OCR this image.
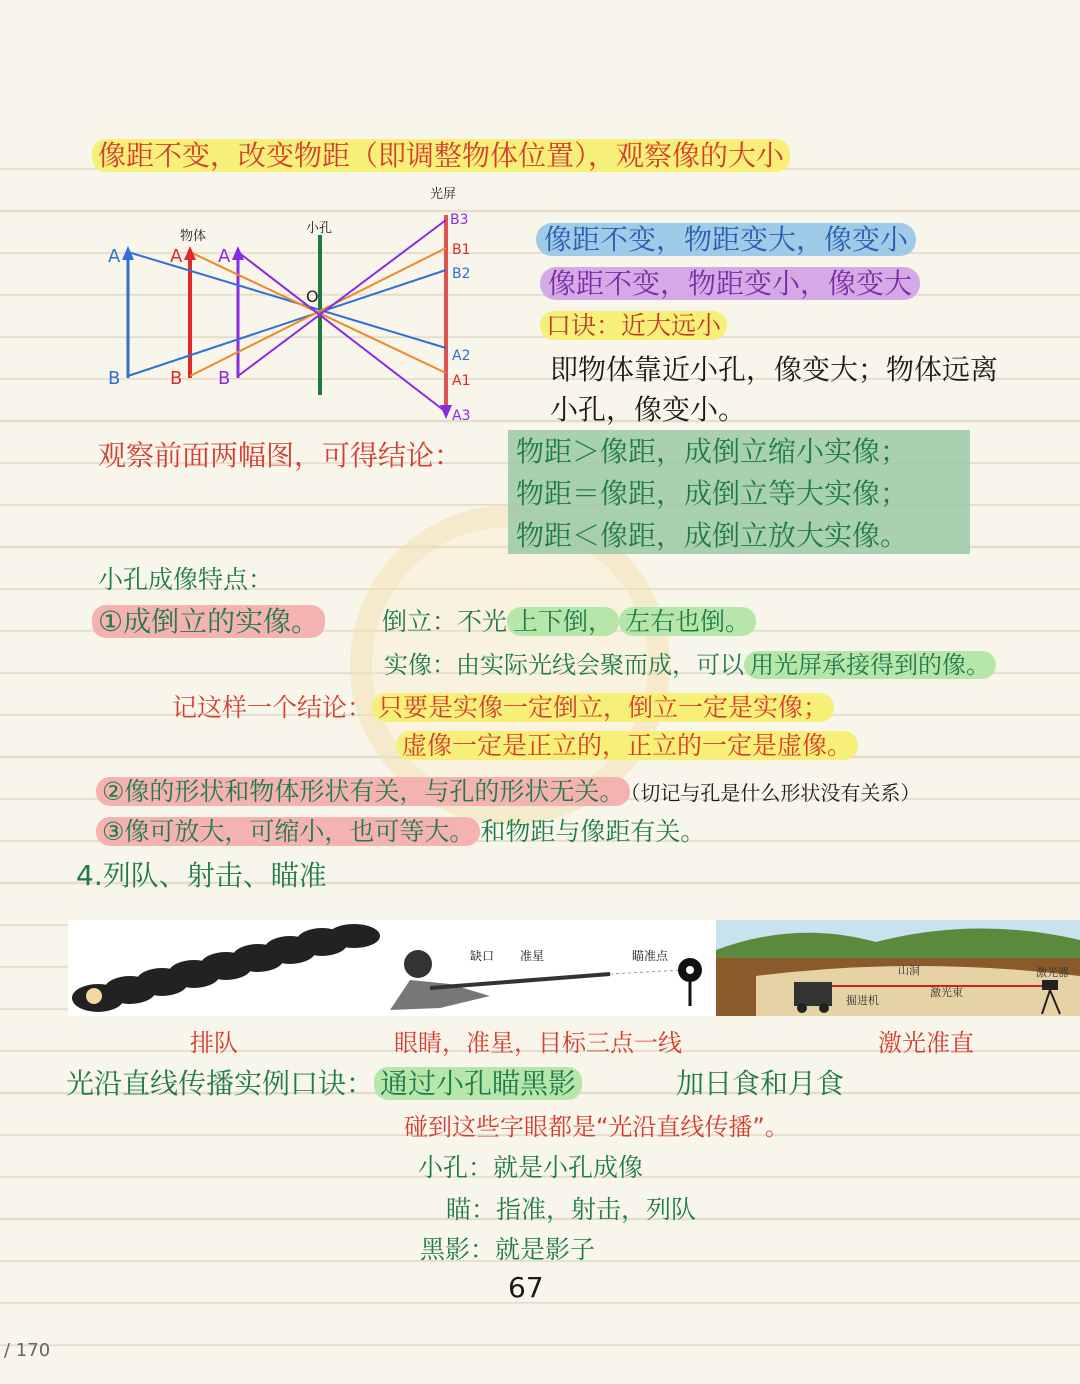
像距不变，改变物距（即调整物体位置），观察像的大小
物体
小孔
光屏
O
A	A A
B	B B
B3
B1
B2
A2
A1
A3
像距不变，物距变大，像变小
像距不变，物距变小，像变大
口诀：近大远小
即物体靠近小孔，像变大；物体远离
小孔，像变小。
观察前面两幅图，可得结论： 物距＞像距，成倒立缩小实像；
物距＝像距，成倒立等大实像；
物距＜像距，成倒立放大实像。
小孔成像特点：
①成倒立的实像。	倒立：不光 上下倒， 左右也倒。
实像：由实际光线会聚而成，可以 用光屏承接得到的像。
记这样一个结论： 只要是实像一定倒立，倒立一定是实像；
虚像一定是正立的，正立的一定是虚像。
②像的形状和物体形状有关，与孔的形状无关。 （切记与孔是什么形状没有关系）
③像可放大，可缩小，也可等大。 和物距与像距有关。
4.列队、射击、瞄准
缺口 准星	瞄准点
山洞	激光器
激光束
掘进机
排队	眼睛，准星，目标三点一线	激光准直
光沿直线传播实例口诀： 通过小孔瞄黑影	加日食和月食
碰到这些字眼都是“光沿直线传播”。
小孔：就是小孔成像
瞄：指准，射击，列队
黑影：就是影子
67
/ 170
